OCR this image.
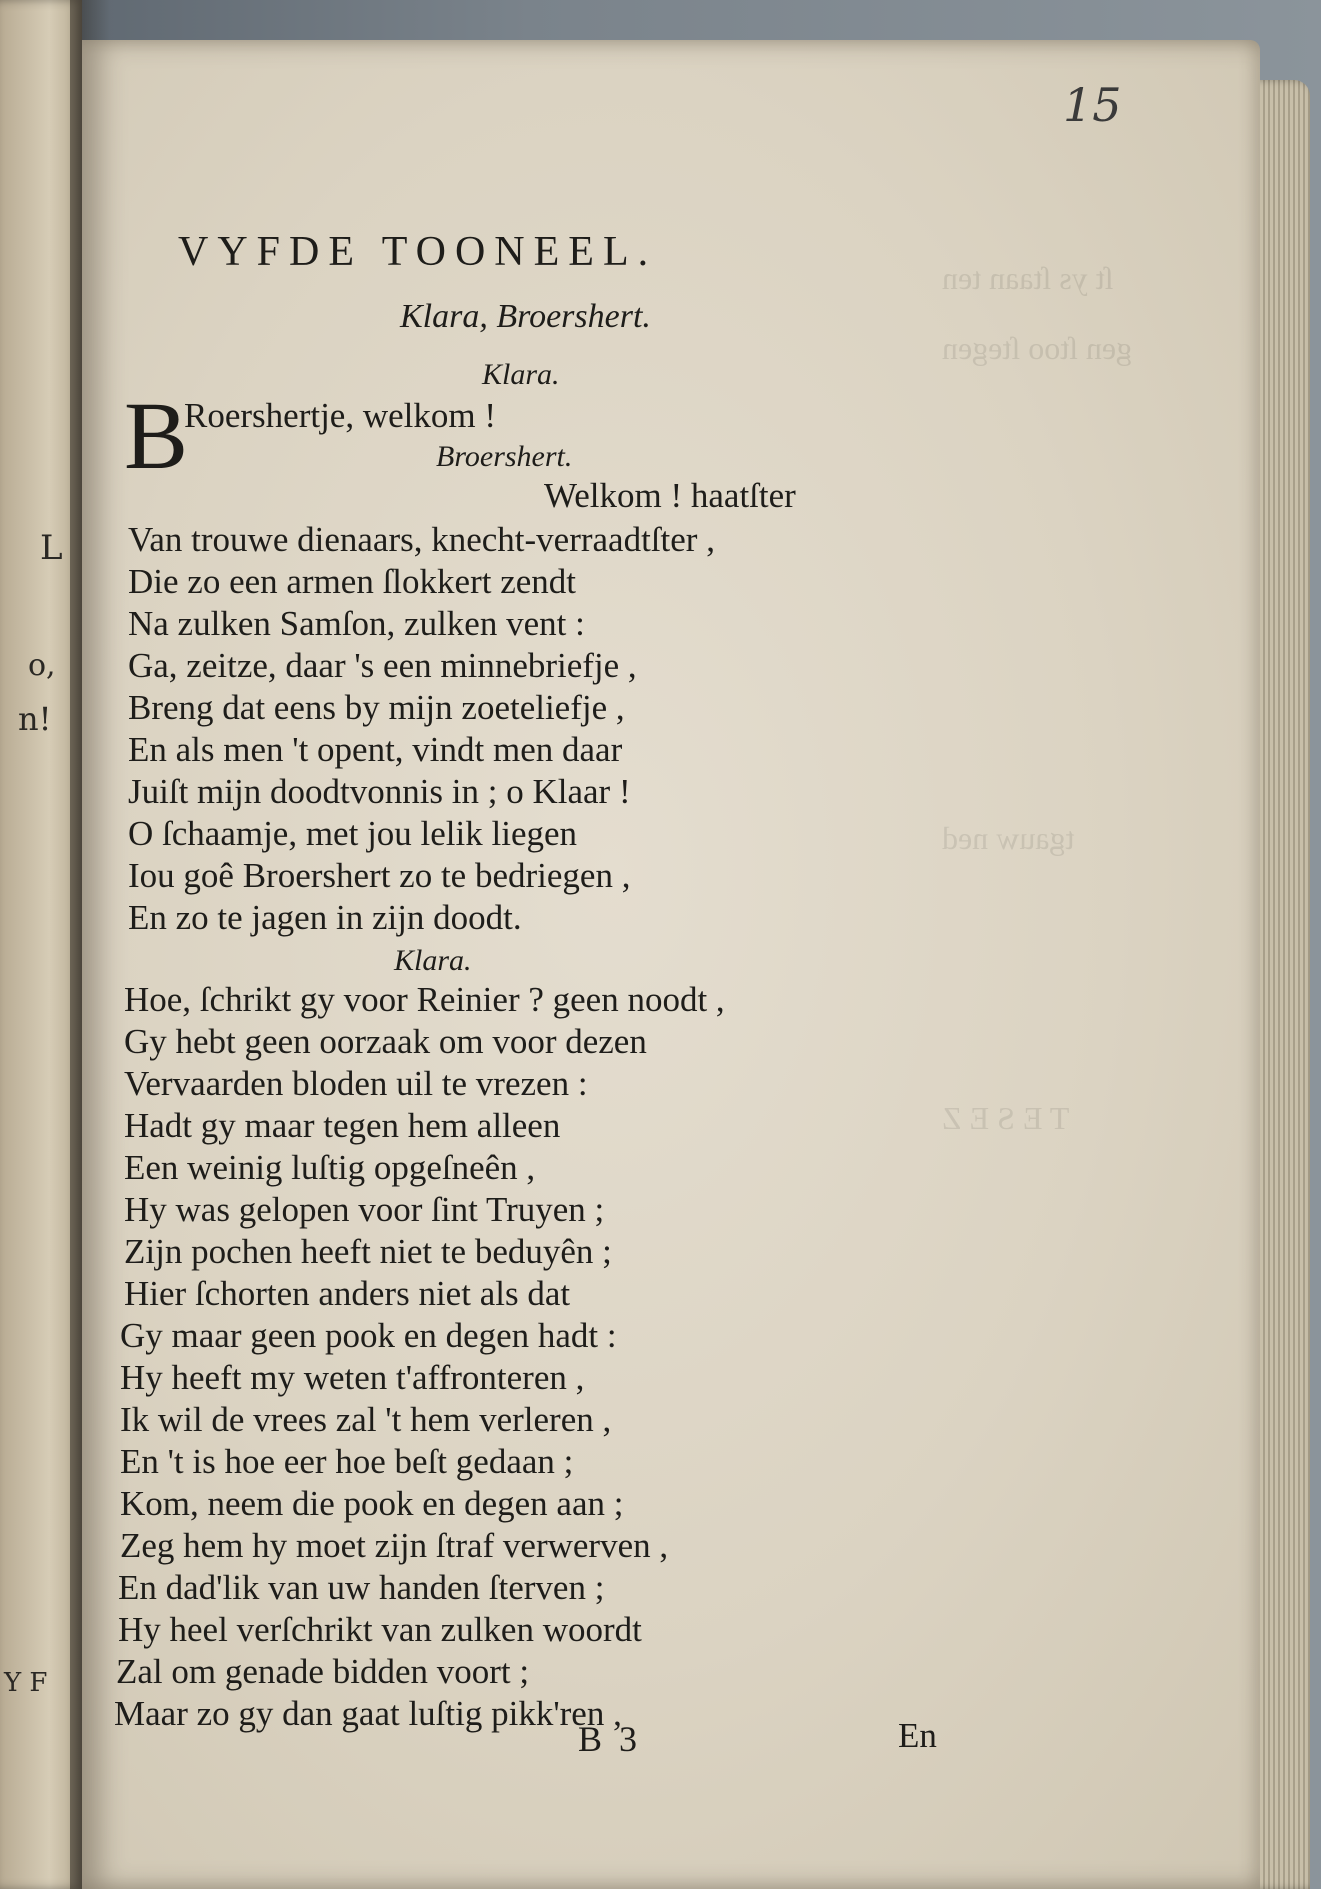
L
o,
n!
Y F
ſt ys ſtaan ten
gen ſtoo ſtegen
tgauw ned
T E S E Z
15
VYFDE TOONEEL.
Klara, Broershert.
Klara.
B
Roershertje, welkom !
Broershert.
Welkom ! haatſter
Van trouwe dienaars, knecht-verraadtſter ,
Die zo een armen ſlokkert zendt
Na zulken Samſon, zulken vent :
Ga, zeitze, daar 's een minnebriefje ,
Breng dat eens by mijn zoeteliefje ,
En als men 't opent, vindt men daar
Juiſt mijn doodtvonnis in ; o Klaar !
O ſchaamje, met jou lelik liegen
Iou goê Broershert zo te bedriegen ,
En zo te jagen in zijn doodt.
Klara.
Hoe, ſchrikt gy voor Reinier ? geen noodt ,
Gy hebt geen oorzaak om voor dezen
Vervaarden bloden uil te vrezen :
Hadt gy maar tegen hem alleen
Een weinig luſtig opgeſneên ,
Hy was gelopen voor ſint Truyen ;
Zijn pochen heeft niet te beduyên ;
Hier ſchorten anders niet als dat
Gy maar geen pook en degen hadt :
Hy heeft my weten t'affronteren ,
Ik wil de vrees zal 't hem verleren ,
En 't is hoe eer hoe beſt gedaan ;
Kom, neem die pook en degen aan ;
Zeg hem hy moet zijn ſtraf verwerven ,
En dad'lik van uw handen ſterven ;
Hy heel verſchrikt van zulken woordt
Zal om genade bidden voort ;
Maar zo gy dan gaat luſtig pikk'ren ,
B 3	En
